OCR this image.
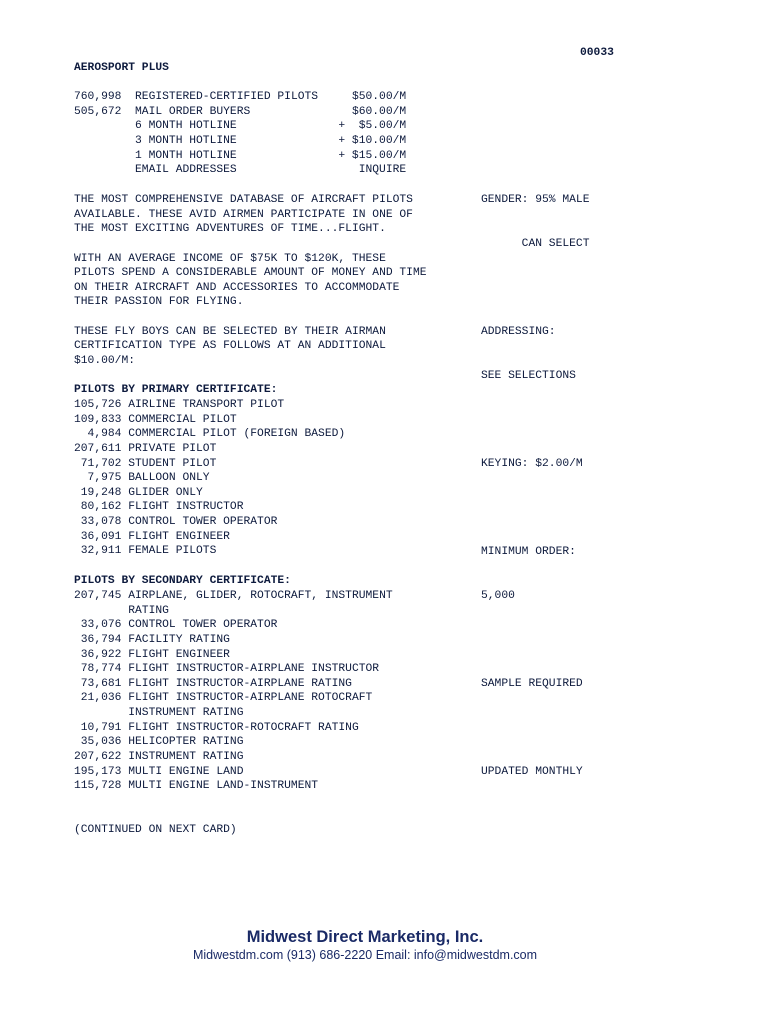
00033
AEROSPORT PLUS
760,998 REGISTERED-CERTIFIED PILOTS	$50.00/M
505,672 MAIL ORDER BUYERS	$60.00/M
6 MONTH HOTLINE	+  $5.00/M
3 MONTH HOTLINE	+ $10.00/M
1 MONTH HOTLINE	+ $15.00/M
EMAIL ADDRESSES	INQUIRE
THE MOST COMPREHENSIVE DATABASE OF AIRCRAFT PILOTS
AVAILABLE. THESE AVID AIRMEN PARTICIPATE IN ONE OF
THE MOST EXCITING ADVENTURES OF TIME...FLIGHT.
WITH AN AVERAGE INCOME OF $75K TO $120K, THESE
PILOTS SPEND A CONSIDERABLE AMOUNT OF MONEY AND TIME
ON THEIR AIRCRAFT AND ACCESSORIES TO ACCOMMODATE
THEIR PASSION FOR FLYING.
THESE FLY BOYS CAN BE SELECTED BY THEIR AIRMAN
CERTIFICATION TYPE AS FOLLOWS AT AN ADDITIONAL
$10.00/M:

GENDER: 95% MALE

CAN SELECT

ADDRESSING:

SEE SELECTIONS

KEYING: $2.00/M

MINIMUM ORDER:

5,000

SAMPLE REQUIRED

UPDATED MONTHLY

PILOTS BY PRIMARY CERTIFICATE:
105,726 AIRLINE TRANSPORT PILOT
109,833 COMMERCIAL PILOT
4,984 COMMERCIAL PILOT (FOREIGN BASED)
207,611 PRIVATE PILOT
71,702 STUDENT PILOT
7,975 BALLOON ONLY
19,248 GLIDER ONLY
80,162 FLIGHT INSTRUCTOR
33,078 CONTROL TOWER OPERATOR
36,091 FLIGHT ENGINEER
32,911 FEMALE PILOTS
PILOTS BY SECONDARY CERTIFICATE:
207,745 AIRPLANE, GLIDER, ROTOCRAFT, INSTRUMENT
RATING
33,076 CONTROL TOWER OPERATOR
36,794 FACILITY RATING
36,922 FLIGHT ENGINEER
78,774 FLIGHT INSTRUCTOR-AIRPLANE INSTRUCTOR
73,681 FLIGHT INSTRUCTOR-AIRPLANE RATING
21,036 FLIGHT INSTRUCTOR-AIRPLANE ROTOCRAFT
INSTRUMENT RATING
10,791 FLIGHT INSTRUCTOR-ROTOCRAFT RATING
35,036 HELICOPTER RATING
207,622 INSTRUMENT RATING
195,173 MULTI ENGINE LAND
115,728 MULTI ENGINE LAND-INSTRUMENT
(CONTINUED ON NEXT CARD)
Midwest Direct Marketing, Inc.
Midwestdm.com (913) 686-2220 Email: info@midwestdm.com
